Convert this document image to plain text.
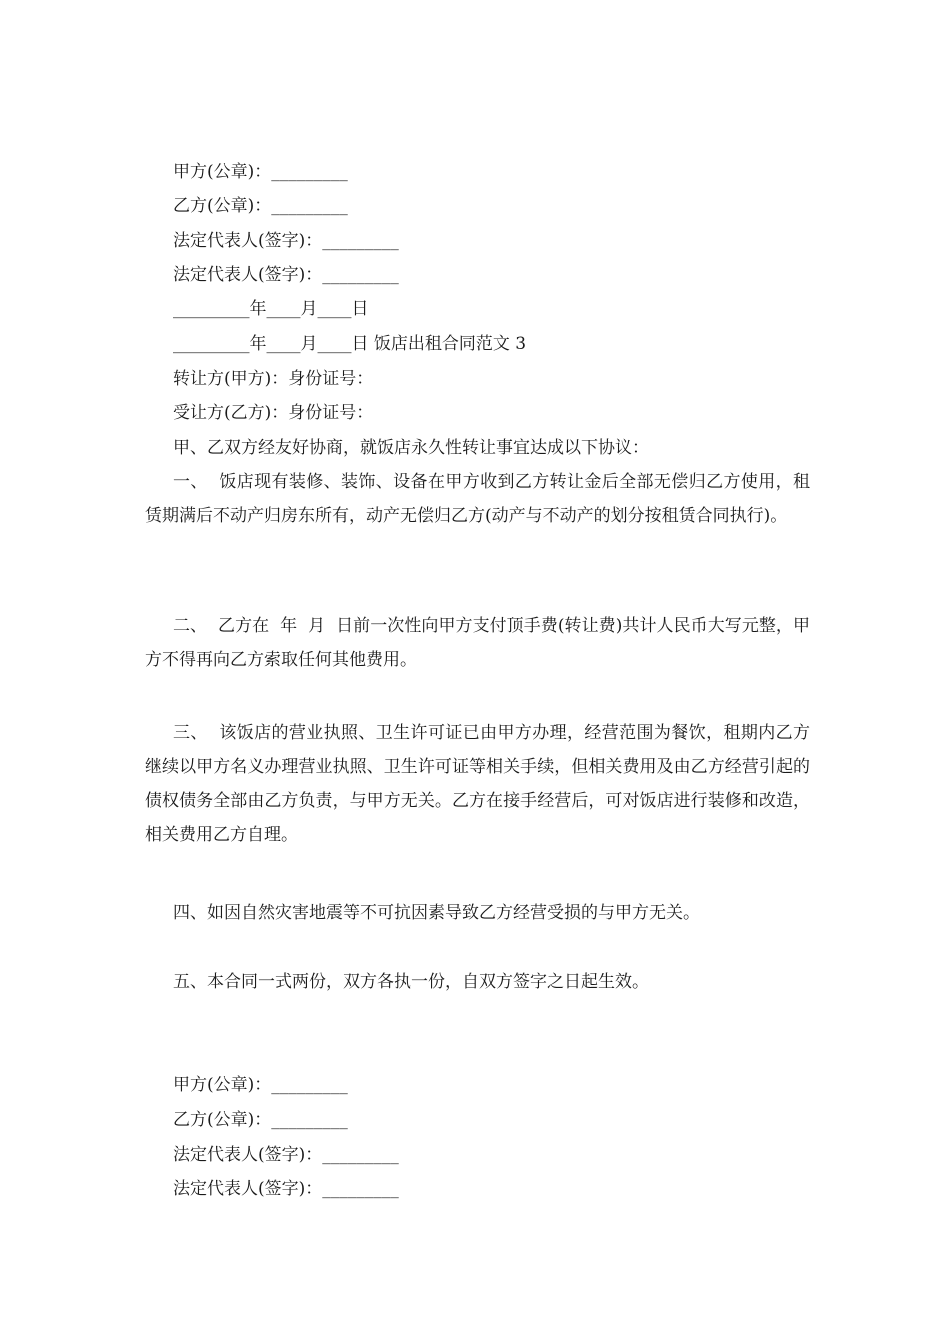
甲方(公章)：_________
乙方(公章)：_________
法定代表人(签字)：_________
法定代表人(签字)：_________
_________年____月____日
_________年____月____日 饭店出租合同范文 3
转让方(甲方)：身份证号：
受让方(乙方)：身份证号：
甲、乙双方经友好协商，就饭店永久性转让事宜达成以下协议：
一、  饭店现有装修、装饰、设备在甲方收到乙方转让金后全部无偿归乙方使用，租赁期满后不动产归房东所有，动产无偿归乙方(动产与不动产的划分按租赁合同执行)。
二、  乙方在  年  月  日前一次性向甲方支付顶手费(转让费)共计人民币大写元整，甲方不得再向乙方索取任何其他费用。
三、  该饭店的营业执照、卫生许可证已由甲方办理，经营范围为餐饮，租期内乙方继续以甲方名义办理营业执照、卫生许可证等相关手续，但相关费用及由乙方经营引起的债权债务全部由乙方负责，与甲方无关。乙方在接手经营后，可对饭店进行装修和改造，相关费用乙方自理。
四、如因自然灾害地震等不可抗因素导致乙方经营受损的与甲方无关。
五、本合同一式两份，双方各执一份，自双方签字之日起生效。
甲方(公章)：_________
乙方(公章)：_________
法定代表人(签字)：_________
法定代表人(签字)：_________
